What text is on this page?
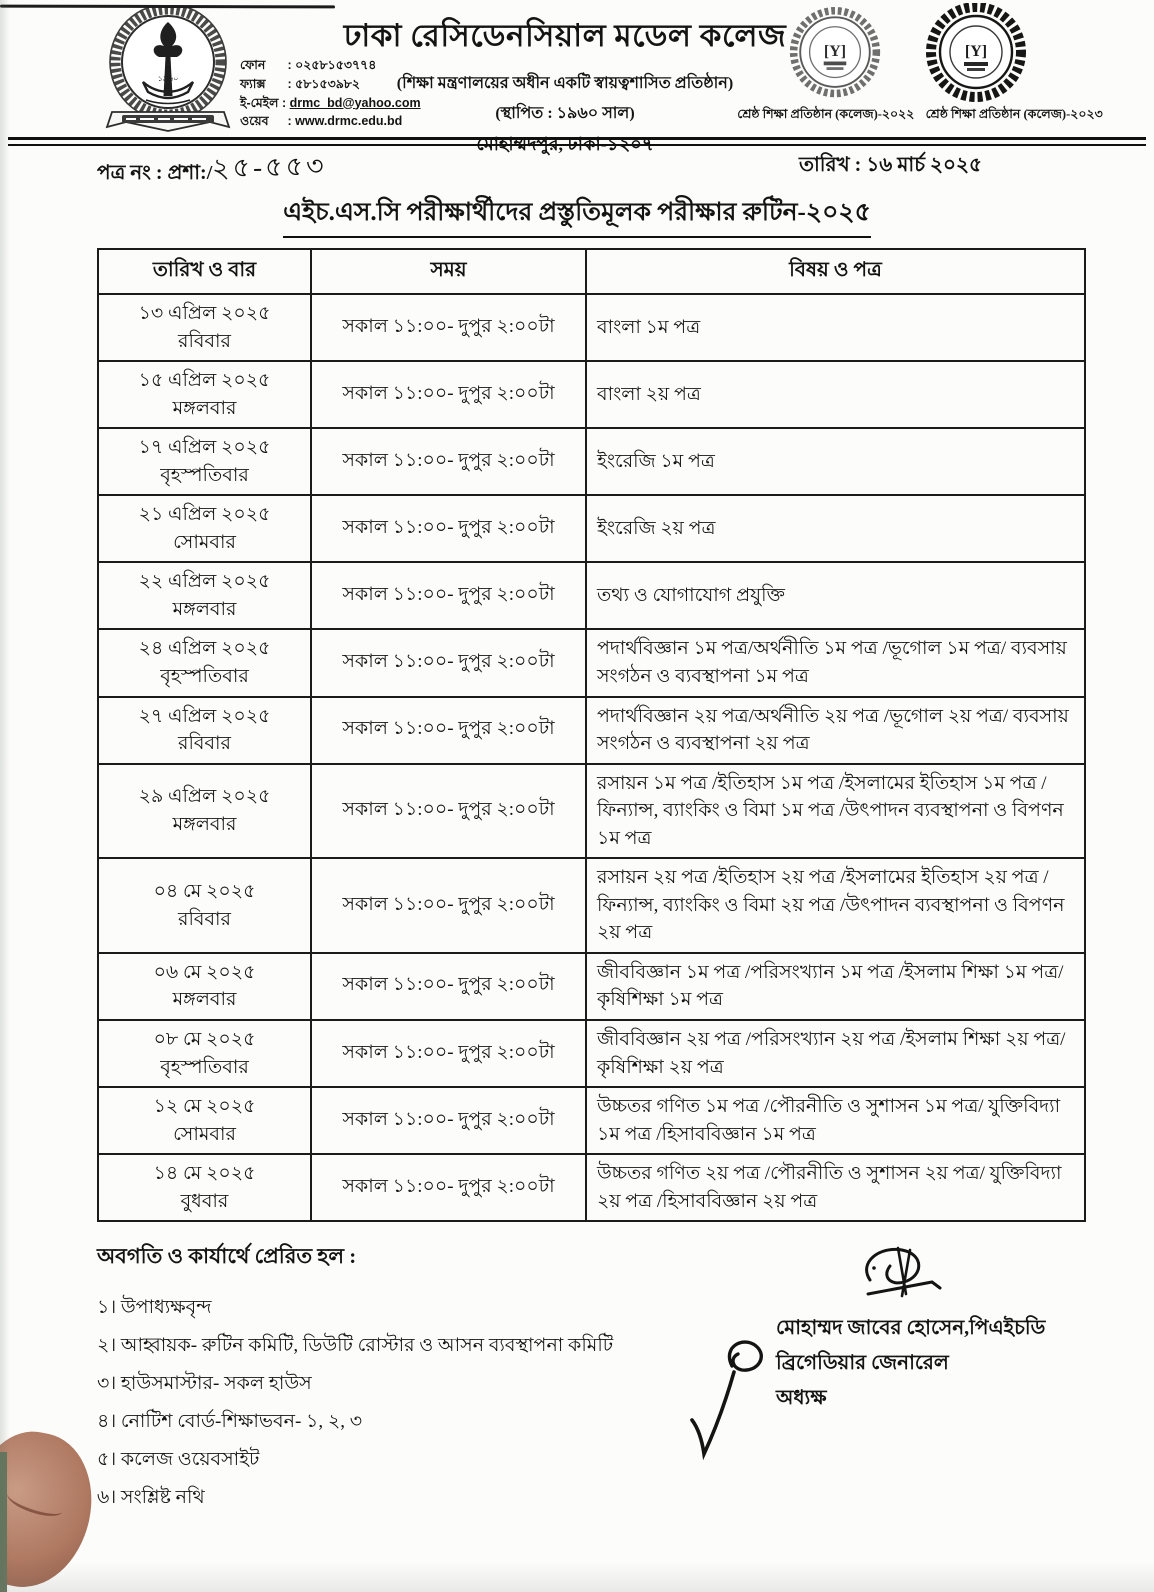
১৯৬০
ফোন : ০২৫৮১৫৩৭৭৪
ফ্যাক্স : ৫৮১৫৩৯৮২
ই-মেইল : drmc_bd@yahoo.com
ওয়েব : www.drmc.edu.bd
ঢাকা রেসিডেনসিয়াল মডেল কলেজ
(শিক্ষা মন্ত্রণালয়ের অধীন একটি স্বায়ত্বশাসিত প্রতিষ্ঠান)
(স্থাপিত : ১৯৬০ সাল)
মোহাম্মদপুর, ঢাকা-১২০৭
[Y]	[Y]
শ্রেষ্ঠ শিক্ষা প্রতিষ্ঠান (কলেজ)-২০২২ শ্রেষ্ঠ শিক্ষা প্রতিষ্ঠান (কলেজ)-২০২৩
পত্র নং : প্রশা:/২৫-৫৫৩	তারিখ : ১৬ মার্চ ২০২৫
এইচ.এস.সি পরীক্ষার্থীদের প্রস্তুতিমূলক পরীক্ষার রুটিন-২০২৫
তারিখ ও বার	সময়	বিষয় ও পত্র

১৩ এপ্রিল ২০২৫
রবিবার	সকাল ১১:০০- দুপুর ২:০০টা	বাংলা ১ম পত্র

১৫ এপ্রিল ২০২৫
মঙ্গলবার	সকাল ১১:০০- দুপুর ২:০০টা	বাংলা ২য় পত্র

১৭ এপ্রিল ২০২৫
বৃহস্পতিবার	সকাল ১১:০০- দুপুর ২:০০টা	ইংরেজি ১ম পত্র

২১ এপ্রিল ২০২৫
সোমবার	সকাল ১১:০০- দুপুর ২:০০টা	ইংরেজি ২য় পত্র

২২ এপ্রিল ২০২৫
মঙ্গলবার	সকাল ১১:০০- দুপুর ২:০০টা	তথ্য ও যোগাযোগ প্রযুক্তি

২৪ এপ্রিল ২০২৫
বৃহস্পতিবার	সকাল ১১:০০- দুপুর ২:০০টা	পদার্থবিজ্ঞান ১ম পত্র/অর্থনীতি ১ম পত্র /ভূগোল ১ম পত্র/ ব্যবসায় সংগঠন ও ব্যবস্থাপনা ১ম পত্র

২৭ এপ্রিল ২০২৫
রবিবার	সকাল ১১:০০- দুপুর ২:০০টা	পদার্থবিজ্ঞান ২য় পত্র/অর্থনীতি ২য় পত্র /ভূগোল ২য় পত্র/ ব্যবসায় সংগঠন ও ব্যবস্থাপনা ২য় পত্র

২৯ এপ্রিল ২০২৫
মঙ্গলবার	সকাল ১১:০০- দুপুর ২:০০টা	রসায়ন ১ম পত্র /ইতিহাস ১ম পত্র /ইসলামের ইতিহাস ১ম পত্র /ফিন্যান্স, ব্যাংকিং ও বিমা ১ম পত্র /উৎপাদন ব্যবস্থাপনা ও বিপণন ১ম পত্র

০৪ মে ২০২৫
রবিবার	সকাল ১১:০০- দুপুর ২:০০টা	রসায়ন ২য় পত্র /ইতিহাস ২য় পত্র /ইসলামের ইতিহাস ২য় পত্র /ফিন্যান্স, ব্যাংকিং ও বিমা ২য় পত্র /উৎপাদন ব্যবস্থাপনা ও বিপণন ২য় পত্র

০৬ মে ২০২৫
মঙ্গলবার	সকাল ১১:০০- দুপুর ২:০০টা	জীববিজ্ঞান ১ম পত্র /পরিসংখ্যান ১ম পত্র /ইসলাম শিক্ষা ১ম পত্র/ কৃষিশিক্ষা ১ম পত্র

০৮ মে ২০২৫
বৃহস্পতিবার	সকাল ১১:০০- দুপুর ২:০০টা	জীববিজ্ঞান ২য় পত্র /পরিসংখ্যান ২য় পত্র /ইসলাম শিক্ষা ২য় পত্র/ কৃষিশিক্ষা ২য় পত্র

১২ মে ২০২৫
সোমবার	সকাল ১১:০০- দুপুর ২:০০টা	উচ্চতর গণিত ১ম পত্র /পৌরনীতি ও সুশাসন ১ম পত্র/ যুক্তিবিদ্যা ১ম পত্র /হিসাববিজ্ঞান ১ম পত্র

১৪ মে ২০২৫
বুধবার	সকাল ১১:০০- দুপুর ২:০০টা	উচ্চতর গণিত ২য় পত্র /পৌরনীতি ও সুশাসন ২য় পত্র/ যুক্তিবিদ্যা ২য় পত্র /হিসাববিজ্ঞান ২য় পত্র
অবগতি ও কার্যার্থে প্রেরিত হল :
১। উপাধ্যক্ষবৃন্দ
২। আহ্বায়ক- রুটিন কমিটি, ডিউটি রোস্টার ও আসন ব্যবস্থাপনা কমিটি
৩। হাউসমাস্টার- সকল হাউস
৪। নোটিশ বোর্ড-শিক্ষাভবন- ১, ২, ৩
৫। কলেজ ওয়েবসাইট
৬। সংশ্লিষ্ট নথি
মোহাম্মদ জাবের হোসেন,পিএইচডি
ব্রিগেডিয়ার জেনারেল
অধ্যক্ষ
